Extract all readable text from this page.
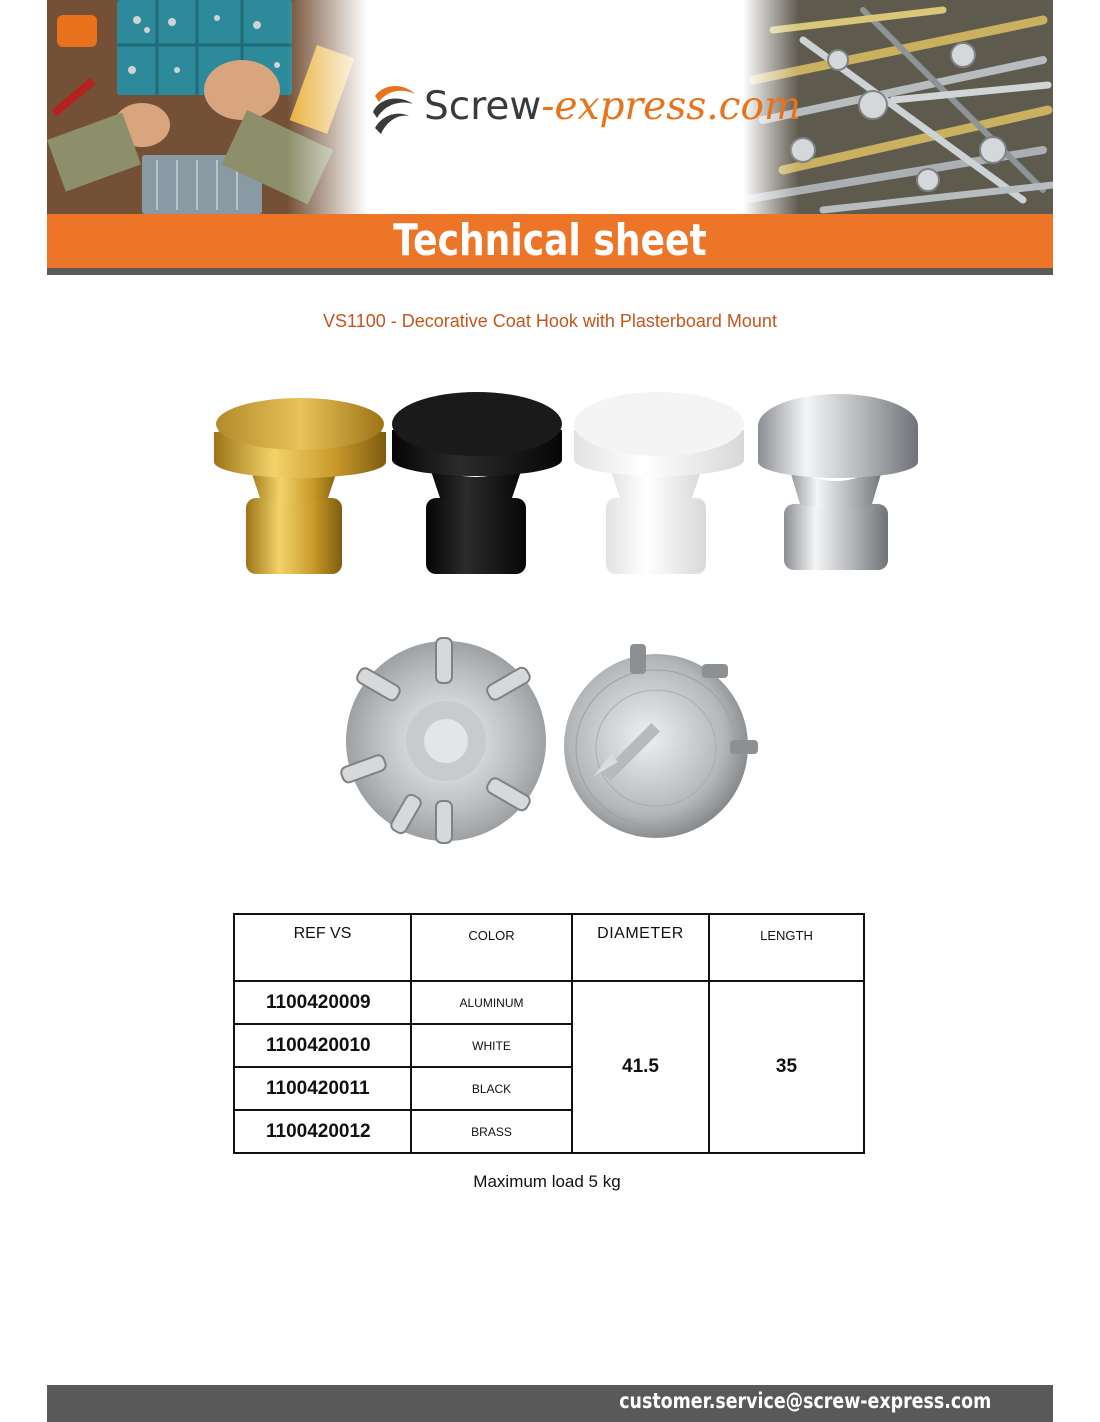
Screw-express.com
Technical sheet
VS1100 - Decorative Coat Hook with Plasterboard Mount
REF VS	COLOR	DIAMETER	LENGTH
1100420009	ALUMINUM	41.5	35
1100420010	WHITE		
1100420011	BLACK		
1100420012	BRASS		
Maximum load 5 kg
customer.service@screw-express.com
